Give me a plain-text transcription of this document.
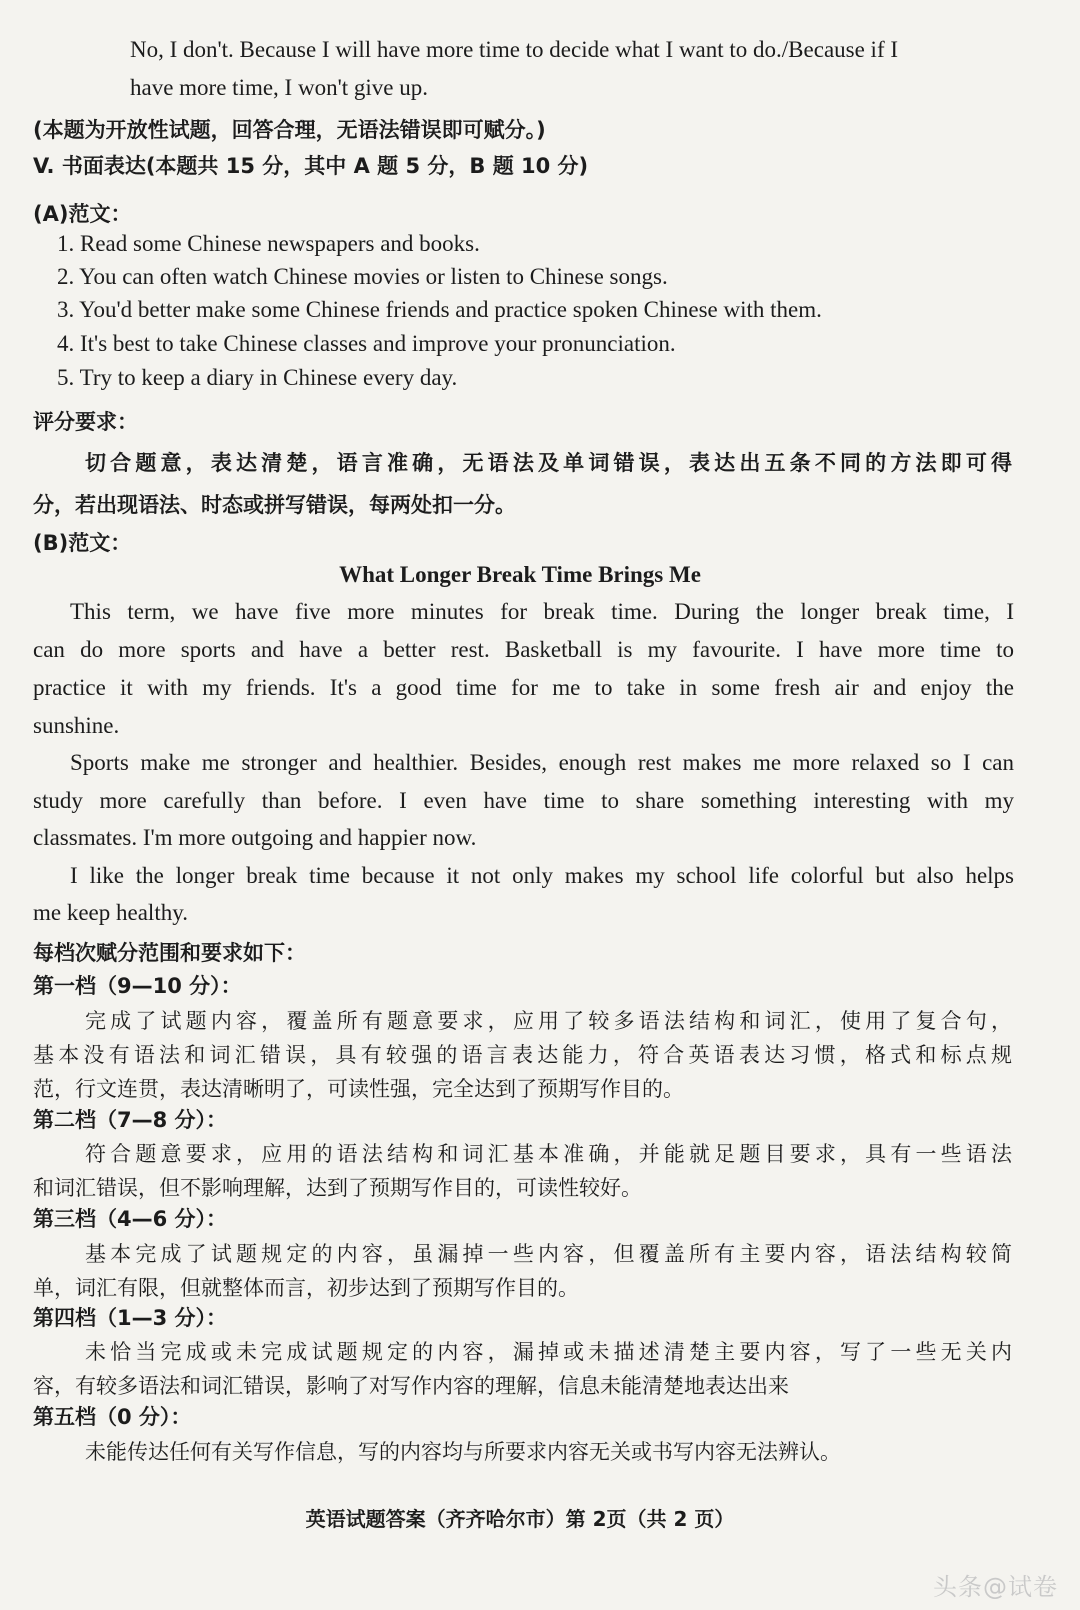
No, I don't. Because I will have more time to decide what I want to do./Because if I
have more time, I won't give up.
(本题为开放性试题，回答合理，无语法错误即可赋分。)
V. 书面表达(本题共 15 分，其中 A 题 5 分，B 题 10 分)
(A)范文：
1. Read some Chinese newspapers and books.
2. You can often watch Chinese movies or listen to Chinese songs.
3. You'd better make some Chinese friends and practice spoken Chinese with them.
4. It's best to take Chinese classes and improve your pronunciation.
5. Try to keep a diary in Chinese every day.
评分要求：
切合题意，表达清楚，语言准确，无语法及单词错误，表达出五条不同的方法即可得
分，若出现语法、时态或拼写错误，每两处扣一分。
(B)范文：
What Longer Break Time Brings Me
This term, we have five more minutes for break time. During the longer break time, I
can do more sports and have a better rest. Basketball is my favourite. I have more time to
practice it with my friends. It's a good time for me to take in some fresh air and enjoy the
sunshine.
Sports make me stronger and healthier. Besides, enough rest makes me more relaxed so I can
study more carefully than before. I even have time to share something interesting with my
classmates. I'm more outgoing and happier now.
I like the longer break time because it not only makes my school life colorful but also helps
me keep healthy.
每档次赋分范围和要求如下：
第一档（9—10 分）：
完成了试题内容，覆盖所有题意要求，应用了较多语法结构和词汇，使用了复合句，
基本没有语法和词汇错误，具有较强的语言表达能力，符合英语表达习惯，格式和标点规
范，行文连贯，表达清晰明了，可读性强，完全达到了预期写作目的。
第二档（7—8 分）：
符合题意要求，应用的语法结构和词汇基本准确，并能就足题目要求，具有一些语法
和词汇错误，但不影响理解，达到了预期写作目的，可读性较好。
第三档（4—6 分）：
基本完成了试题规定的内容，虽漏掉一些内容，但覆盖所有主要内容，语法结构较简
单，词汇有限，但就整体而言，初步达到了预期写作目的。
第四档（1—3 分）：
未恰当完成或未完成试题规定的内容，漏掉或未描述清楚主要内容，写了一些无关内
容，有较多语法和词汇错误，影响了对写作内容的理解，信息未能清楚地表达出来
第五档（0 分）：
未能传达任何有关写作信息，写的内容均与所要求内容无关或书写内容无法辨认。
英语试题答案（齐齐哈尔市）第 2页（共 2 页）
头条@试卷
